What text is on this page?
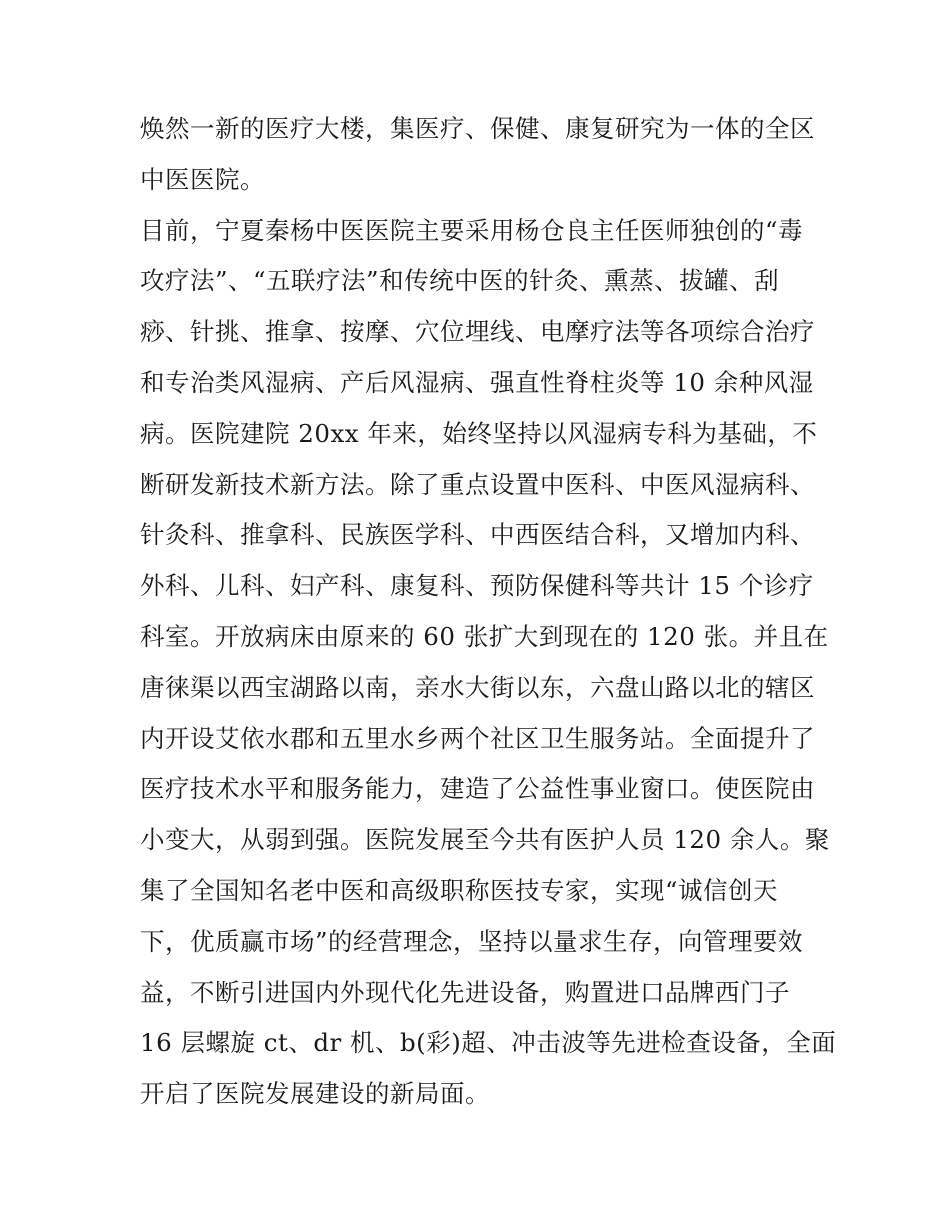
焕然一新的医疗大楼，集医疗、保健、康复研究为一体的全区
中医医院。
目前，宁夏秦杨中医医院主要采用杨仓良主任医师独创的“毒
攻疗法”、“五联疗法”和传统中医的针灸、熏蒸、拔罐、刮
痧、针挑、推拿、按摩、穴位埋线、电摩疗法等各项综合治疗
和专治类风湿病、产后风湿病、强直性脊柱炎等 10 余种风湿
病。医院建院 20xx 年来，始终坚持以风湿病专科为基础，不
断研发新技术新方法。除了重点设置中医科、中医风湿病科、
针灸科、推拿科、民族医学科、中西医结合科，又增加内科、
外科、儿科、妇产科、康复科、预防保健科等共计 15 个诊疗
科室。开放病床由原来的 60 张扩大到现在的 120 张。并且在
唐徕渠以西宝湖路以南，亲水大街以东，六盘山路以北的辖区
内开设艾依水郡和五里水乡两个社区卫生服务站。全面提升了
医疗技术水平和服务能力，建造了公益性事业窗口。使医院由
小变大，从弱到强。医院发展至今共有医护人员 120 余人。聚
集了全国知名老中医和高级职称医技专家，实现“诚信创天
下，优质赢市场”的经营理念，坚持以量求生存，向管理要效
益，不断引进国内外现代化先进设备，购置进口品牌西门子
16 层螺旋 ct、dr 机、b(彩)超、冲击波等先进检查设备，全面
开启了医院发展建设的新局面。
